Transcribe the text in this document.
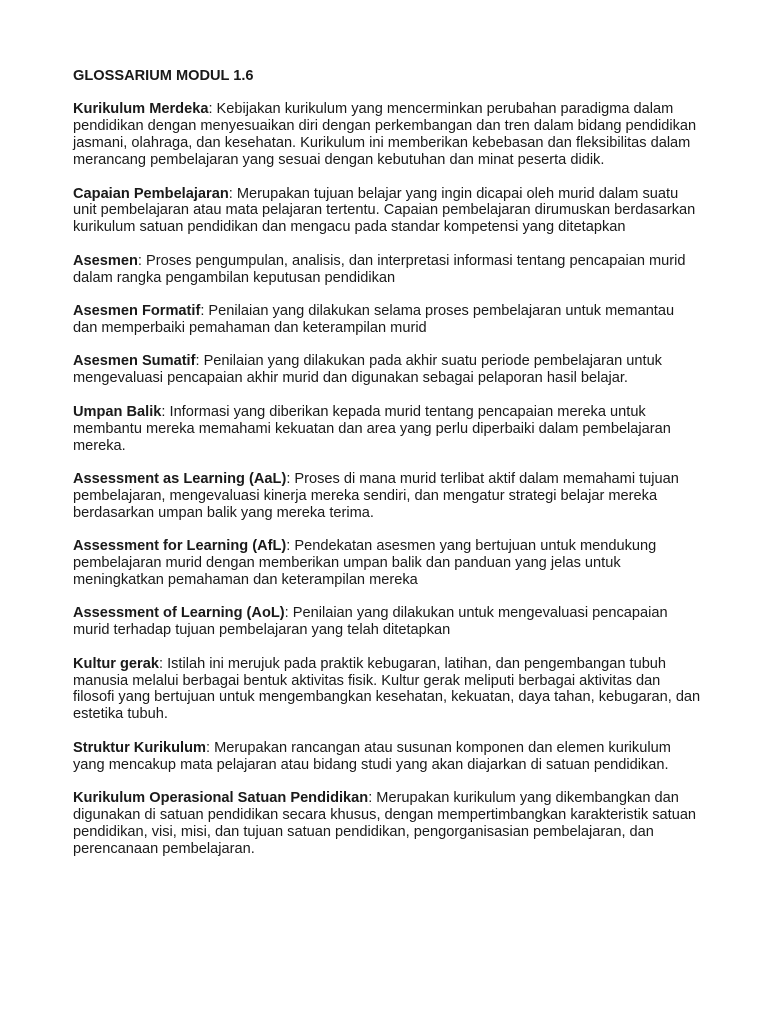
GLOSSARIUM MODUL 1.6

Kurikulum Merdeka: Kebijakan kurikulum yang mencerminkan perubahan paradigma dalam pendidikan dengan menyesuaikan diri dengan perkembangan dan tren dalam bidang pendidikan jasmani, olahraga, dan kesehatan. Kurikulum ini memberikan kebebasan dan fleksibilitas dalam merancang pembelajaran yang sesuai dengan kebutuhan dan minat peserta didik.

Capaian Pembelajaran: Merupakan tujuan belajar yang ingin dicapai oleh murid dalam suatu unit pembelajaran atau mata pelajaran tertentu. Capaian pembelajaran dirumuskan berdasarkan kurikulum satuan pendidikan dan mengacu pada standar kompetensi yang ditetapkan

Asesmen: Proses pengumpulan, analisis, dan interpretasi informasi tentang pencapaian murid dalam rangka pengambilan keputusan pendidikan

Asesmen Formatif: Penilaian yang dilakukan selama proses pembelajaran untuk memantau dan memperbaiki pemahaman dan keterampilan murid

Asesmen Sumatif: Penilaian yang dilakukan pada akhir suatu periode pembelajaran untuk mengevaluasi pencapaian akhir murid dan digunakan sebagai pelaporan hasil belajar.

Umpan Balik: Informasi yang diberikan kepada murid tentang pencapaian mereka untuk membantu mereka memahami kekuatan dan area yang perlu diperbaiki dalam pembelajaran mereka.

Assessment as Learning (AaL): Proses di mana murid terlibat aktif dalam memahami tujuan pembelajaran, mengevaluasi kinerja mereka sendiri, dan mengatur strategi belajar mereka berdasarkan umpan balik yang mereka terima.

Assessment for Learning (AfL): Pendekatan asesmen yang bertujuan untuk mendukung pembelajaran murid dengan memberikan umpan balik dan panduan yang jelas untuk meningkatkan pemahaman dan keterampilan mereka

Assessment of Learning (AoL): Penilaian yang dilakukan untuk mengevaluasi pencapaian murid terhadap tujuan pembelajaran yang telah ditetapkan

Kultur gerak: Istilah ini merujuk pada praktik kebugaran, latihan, dan pengembangan tubuh manusia melalui berbagai bentuk aktivitas fisik. Kultur gerak meliputi berbagai aktivitas dan filosofi yang bertujuan untuk mengembangkan kesehatan, kekuatan, daya tahan, kebugaran, dan estetika tubuh.

Struktur Kurikulum: Merupakan rancangan atau susunan komponen dan elemen kurikulum yang mencakup mata pelajaran atau bidang studi yang akan diajarkan di satuan pendidikan.

Kurikulum Operasional Satuan Pendidikan: Merupakan kurikulum yang dikembangkan dan digunakan di satuan pendidikan secara khusus, dengan mempertimbangkan karakteristik satuan pendidikan, visi, misi, dan tujuan satuan pendidikan, pengorganisasian pembelajaran, dan perencanaan pembelajaran.
